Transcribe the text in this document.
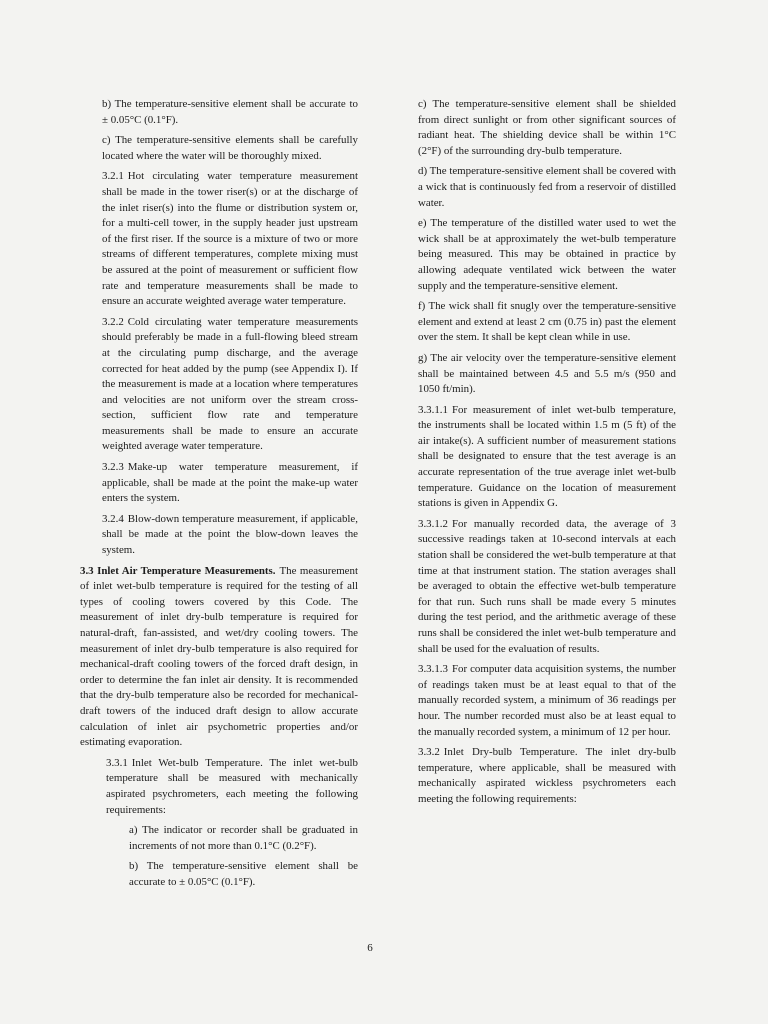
b) The temperature-sensitive element shall be accurate to ± 0.05°C (0.1°F).

c) The temperature-sensitive elements shall be carefully located where the water will be thoroughly mixed.

3.2.1 Hot circulating water temperature measurement shall be made in the tower riser(s) or at the discharge of the inlet riser(s) into the flume or distribution system or, for a multi-cell tower, in the supply header just upstream of the first riser. If the source is a mixture of two or more streams of different temperatures, complete mixing must be assured at the point of measurement or sufficient flow rate and temperature measurements shall be made to ensure an accurate weighted average water temperature.

3.2.2 Cold circulating water temperature measurements should preferably be made in a full-flowing bleed stream at the circulating pump discharge, and the average corrected for heat added by the pump (see Appendix I). If the measurement is made at a location where temperatures and velocities are not uniform over the stream cross-section, sufficient flow rate and temperature measurements shall be made to ensure an accurate weighted average water temperature.

3.2.3 Make-up water temperature measurement, if applicable, shall be made at the point the make-up water enters the system.

3.2.4 Blow-down temperature measurement, if applicable, shall be made at the point the blow-down leaves the system.

3.3 Inlet Air Temperature Measurements. The measurement of inlet wet-bulb temperature is required for the testing of all types of cooling towers covered by this Code. The measurement of inlet dry-bulb temperature is required for natural-draft, fan-assisted, and wet/dry cooling towers. The measurement of inlet dry-bulb temperature is also required for mechanical-draft cooling towers of the forced draft design, in order to determine the fan inlet air density. It is recommended that the dry-bulb temperature also be recorded for mechanical-draft towers of the induced draft design to allow accurate calculation of inlet air psychometric properties and/or estimating evaporation.

3.3.1 Inlet Wet-bulb Temperature. The inlet wet-bulb temperature shall be measured with mechanically aspirated psychrometers, each meeting the following requirements:

a) The indicator or recorder shall be graduated in increments of not more than 0.1°C (0.2°F).

b) The temperature-sensitive element shall be accurate to ± 0.05°C (0.1°F).

c) The temperature-sensitive element shall be shielded from direct sunlight or from other significant sources of radiant heat. The shielding device shall be within 1°C (2°F) of the surrounding dry-bulb temperature.

d) The temperature-sensitive element shall be covered with a wick that is continuously fed from a reservoir of distilled water.

e) The temperature of the distilled water used to wet the wick shall be at approximately the wet-bulb temperature being measured. This may be obtained in practice by allowing adequate ventilated wick between the water supply and the temperature-sensitive element.

f) The wick shall fit snugly over the temperature-sensitive element and extend at least 2 cm (0.75 in) past the element over the stem. It shall be kept clean while in use.

g) The air velocity over the temperature-sensitive element shall be maintained between 4.5 and 5.5 m/s (950 and 1050 ft/min).

3.3.1.1 For measurement of inlet wet-bulb temperature, the instruments shall be located within 1.5 m (5 ft) of the air intake(s). A sufficient number of measurement stations shall be designated to ensure that the test average is an accurate representation of the true average inlet wet-bulb temperature. Guidance on the location of measurement stations is given in Appendix G.

3.3.1.2 For manually recorded data, the average of 3 successive readings taken at 10-second intervals at each station shall be considered the wet-bulb temperature at that time at that instrument station. The station averages shall be averaged to obtain the effective wet-bulb temperature for that run. Such runs shall be made every 5 minutes during the test period, and the arithmetic average of these runs shall be considered the inlet wet-bulb temperature and shall be used for the evaluation of results.

3.3.1.3 For computer data acquisition systems, the number of readings taken must be at least equal to that of the manually recorded system, a minimum of 36 readings per hour. The number recorded must also be at least equal to the manually recorded system, a minimum of 12 per hour.

3.3.2 Inlet Dry-bulb Temperature. The inlet dry-bulb temperature, where applicable, shall be measured with mechanically aspirated wickless psychrometers each meeting the following requirements:

6
